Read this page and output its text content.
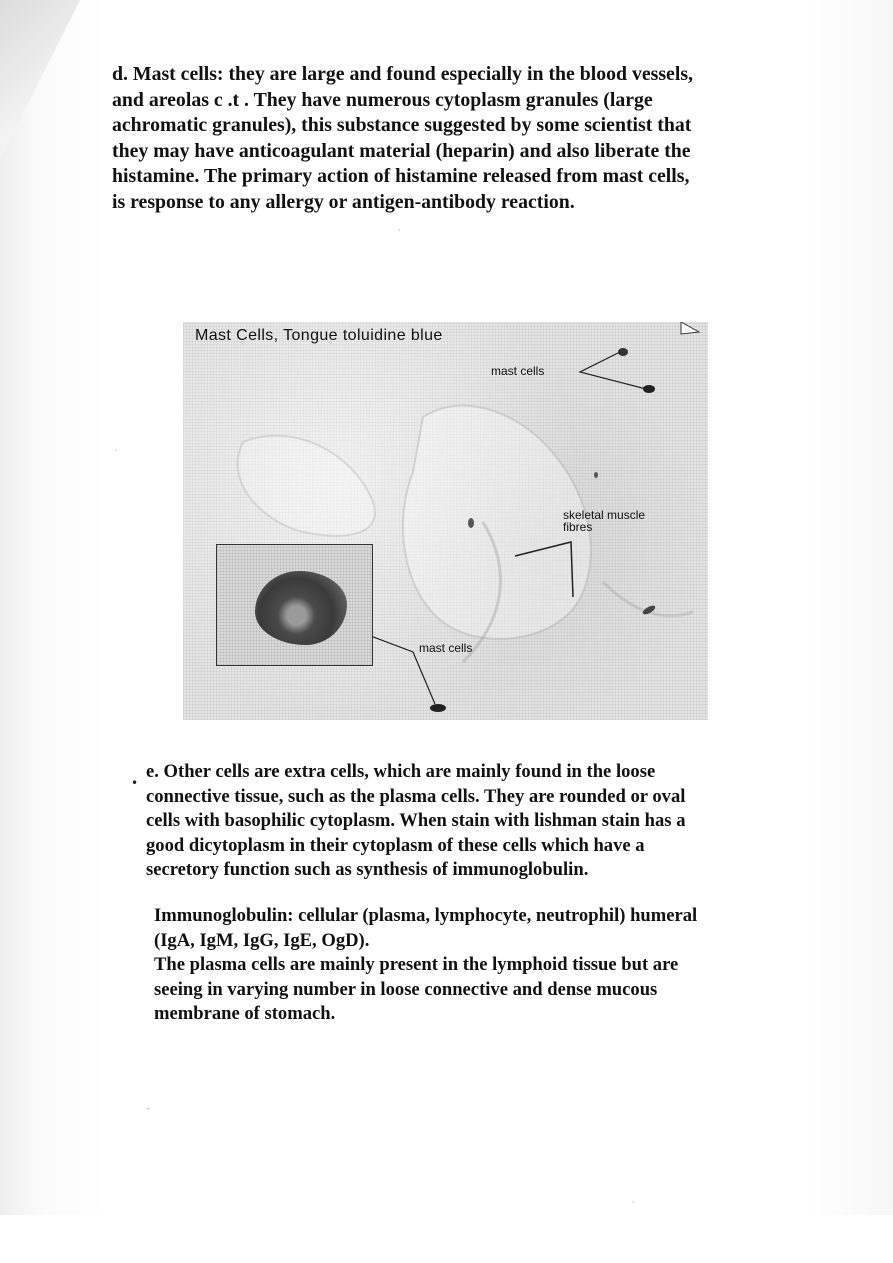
d. Mast cells: they are large and found especially in the blood vessels,
and areolas c .t . They have numerous cytoplasm granules (large
achromatic granules), this substance suggested by some scientist that
they may have anticoagulant material (heparin) and also liberate the
histamine. The primary action of histamine released from mast cells,
is response to any allergy or antigen-antibody reaction.

Mast Cells, Tongue toluidine blue
mast cells
skeletal muscle
fibres
mast cells
•

e. Other cells are extra cells, which are mainly found in the loose
connective tissue, such as the plasma cells. They are rounded or oval
cells with basophilic cytoplasm. When stain with lishman stain has a
good dicytoplasm in their cytoplasm of these cells which have a
secretory function such as synthesis of immunoglobulin.

Immunoglobulin: cellular (plasma, lymphocyte, neutrophil) humeral
(IgA, IgM, IgG, IgE, OgD).
The plasma cells are mainly present in the lymphoid tissue but are
seeing in varying number in loose connective and dense mucous
membrane of stomach.

·
·
-
·
